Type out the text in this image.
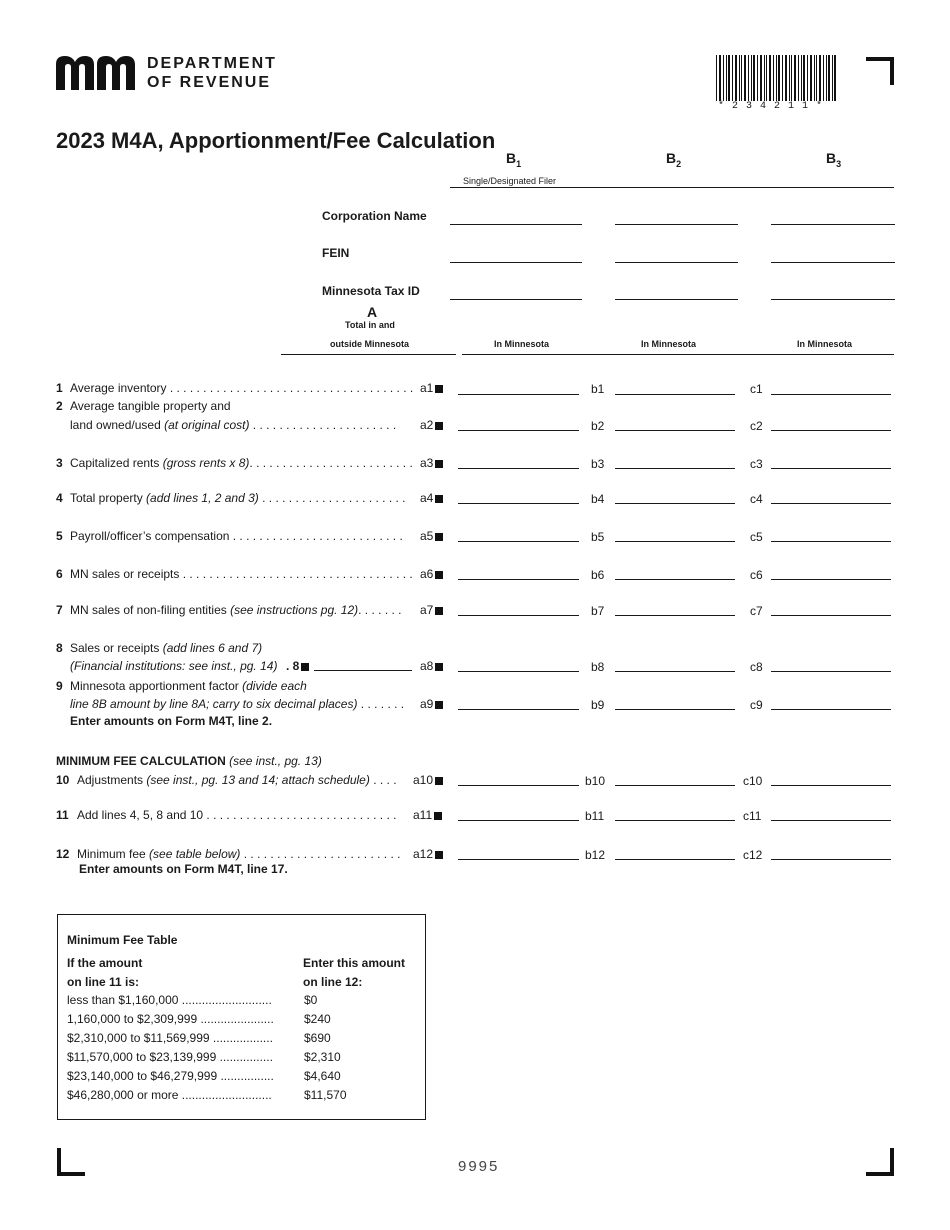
DEPARTMENT
OF REVENUE
*234211*
2023 M4A, Apportionment/Fee Calculation
$B_1$	$B_2$	$B_3$
Single/Designated Filer
Corporation Name
FEIN
Minnesota Tax ID
A
Total in and
outside Minnesota	In Minnesota	In Minnesota	In Minnesota
1 Average inventory . . . . . . . . . . . . . . . . . . . . . . . . . . . . . . . . . . . . . a1	b1	c1
2 Average tangible property and
land owned/used (at original cost) . . . . . . . . . . . . . . . . . . . . . .	a2	b2	c2
3 Capitalized rents (gross rents x 8). . . . . . . . . . . . . . . . . . . . . . . . . a3	b3	c3
4 Total property (add lines 1, 2 and 3) . . . . . . . . . . . . . . . . . . . . . .	a4	b4	c4
5 Payroll/officer’s compensation . . . . . . . . . . . . . . . . . . . . . . . . . .	a5	b5	c5
6 MN sales or receipts . . . . . . . . . . . . . . . . . . . . . . . . . . . . . . . . . . . a6	b6	c6
7 MN sales of non-filing entities (see instructions pg. 12). . . . . . .	a7	b7	c7
8 Sales or receipts (add lines 6 and 7)
(Financial institutions: see inst., pg. 14) . 8	a8	b8	c8
9 Minnesota apportionment factor (divide each
line 8B amount by line 8A; carry to six decimal places) . . . . . . .
Enter amounts on Form M4T, line 2.
a9	b9	c9
MINIMUM FEE CALCULATION (see inst., pg. 13)
10 Adjustments (see inst., pg. 13 and 14; attach schedule) . . . .	a10	b10	c10
11 Add lines 4, 5, 8 and 10 . . . . . . . . . . . . . . . . . . . . . . . . . . . . .	a11	b11	c11
12 Minimum fee (see table below) . . . . . . . . . . . . . . . . . . . . . . . .
Enter amounts on Form M4T, line 17.
a12	b12	c12
Minimum Fee Table
If the amount
on line 11 is:
Enter this amount
on line 12:
less than $1,160,000 ...........................	$0
1,160,000 to $2,309,999 ......................	$240
$2,310,000 to $11,569,999 ..................	$690
$11,570,000 to $23,139,999 ................	$2,310
$23,140,000 to $46,279,999 ................	$4,640
$46,280,000 or more ...........................	$11,570
9995
